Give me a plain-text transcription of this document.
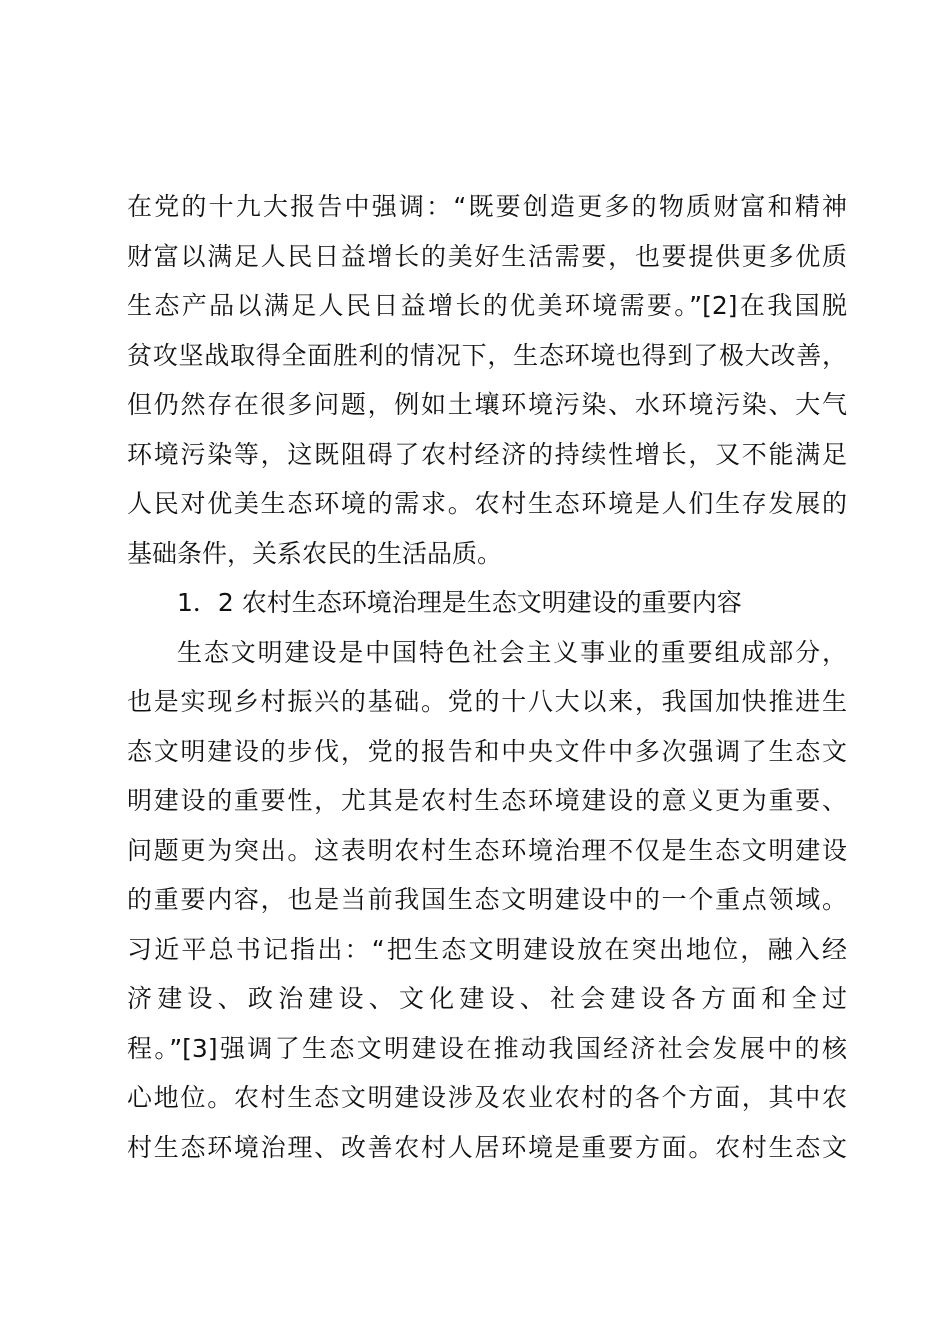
在党的十九大报告中强调：“既要创造更多的物质财富和精神
财富以满足人民日益增长的美好生活需要，也要提供更多优质
生态产品以满足人民日益增长的优美环境需要。”[2]在我国脱
贫攻坚战取得全面胜利的情况下，生态环境也得到了极大改善，
但仍然存在很多问题，例如土壤环境污染、水环境污染、大气
环境污染等，这既阻碍了农村经济的持续性增长，又不能满足
人民对优美生态环境的需求。农村生态环境是人们生存发展的
基础条件，关系农民的生活品质。
1．2 农村生态环境治理是生态文明建设的重要内容
生态文明建设是中国特色社会主义事业的重要组成部分，
也是实现乡村振兴的基础。党的十八大以来，我国加快推进生
态文明建设的步伐，党的报告和中央文件中多次强调了生态文
明建设的重要性，尤其是农村生态环境建设的意义更为重要、
问题更为突出。这表明农村生态环境治理不仅是生态文明建设
的重要内容，也是当前我国生态文明建设中的一个重点领域。
习近平总书记指出：“把生态文明建设放在突出地位，融入经
济建设、政治建设、文化建设、社会建设各方面和全过
程。”[3]强调了生态文明建设在推动我国经济社会发展中的核
心地位。农村生态文明建设涉及农业农村的各个方面，其中农
村生态环境治理、改善农村人居环境是重要方面。农村生态文
